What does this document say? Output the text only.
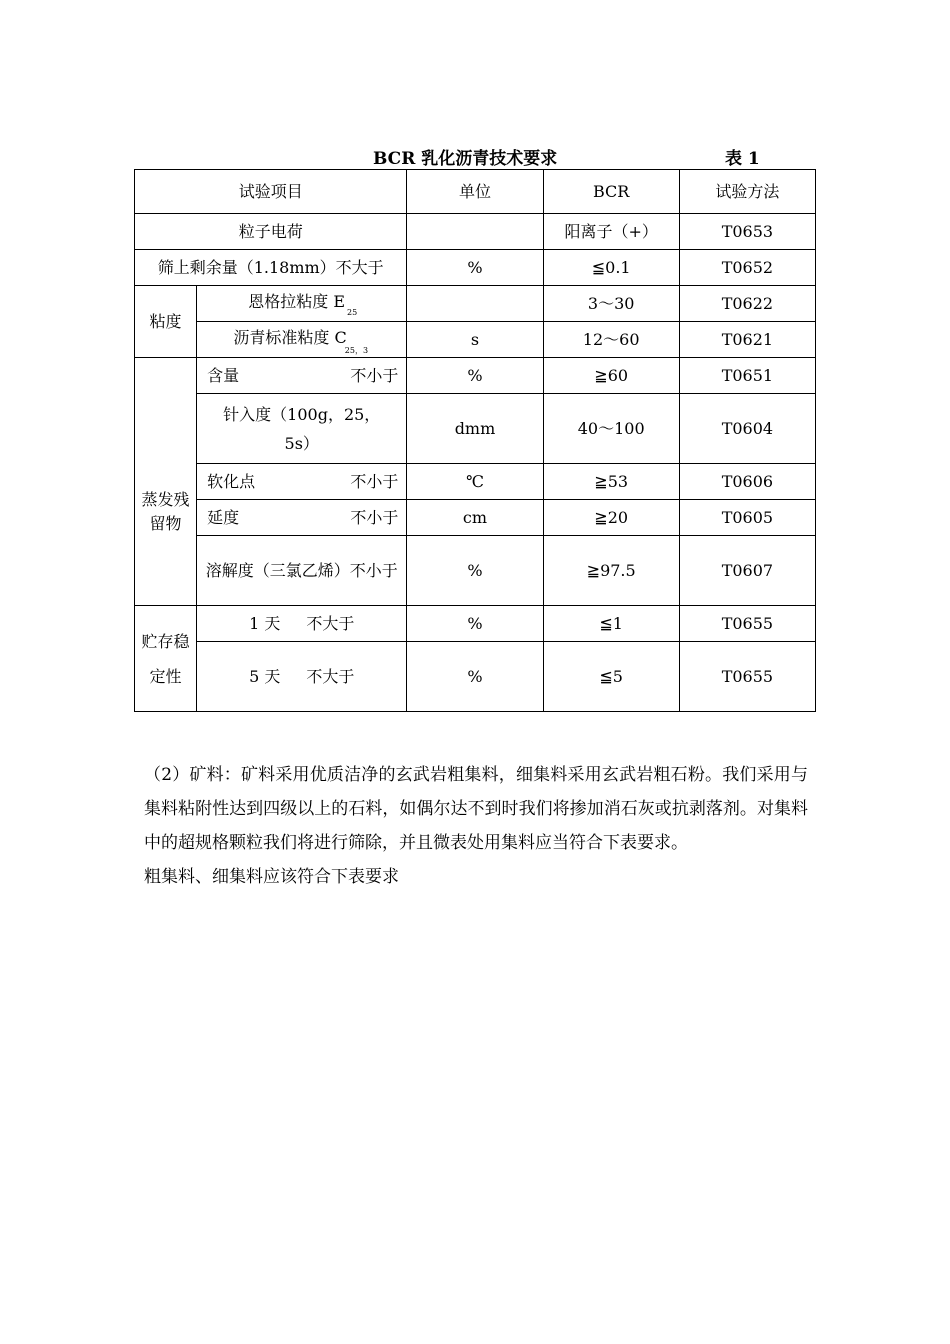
BCR 乳化沥青技术要求	表 1
试验项目		单位	BCR	试验方法
粒子电荷			阳离子（+）	T0653
筛上剩余量（1.18mm）不大于		%	≦0.1	T0652
粘度	恩格拉粘度 $E_{25}$		3～30	T0622
	沥青标准粘度 $C_{25,3}$	s	12～60	T0621
蒸发残留物	含量 不小于	%	≧60	T0651
	针入度（100g，25，5s）	dmm	40～100	T0604

	软化点 不小于	℃	≧53	T0606

	延度 不小于	cm	≧20	T0605
	溶解度（三氯乙烯）不小于	%	≧97.5	T0607
贮存稳定性	1 天 不大于	%	≦1	T0655
	5 天 不大于	%	≦5	T0655

（2）矿料：矿料采用优质洁净的玄武岩粗集料，细集料采用玄武岩粗石粉。我们采用与集料粘附性达到四级以上的石料，如偶尔达不到时我们将掺加消石灰或抗剥落剂。对集料中的超规格颗粒我们将进行筛除，并且微表处用集料应当符合下表要求。

粗集料、细集料应该符合下表要求
